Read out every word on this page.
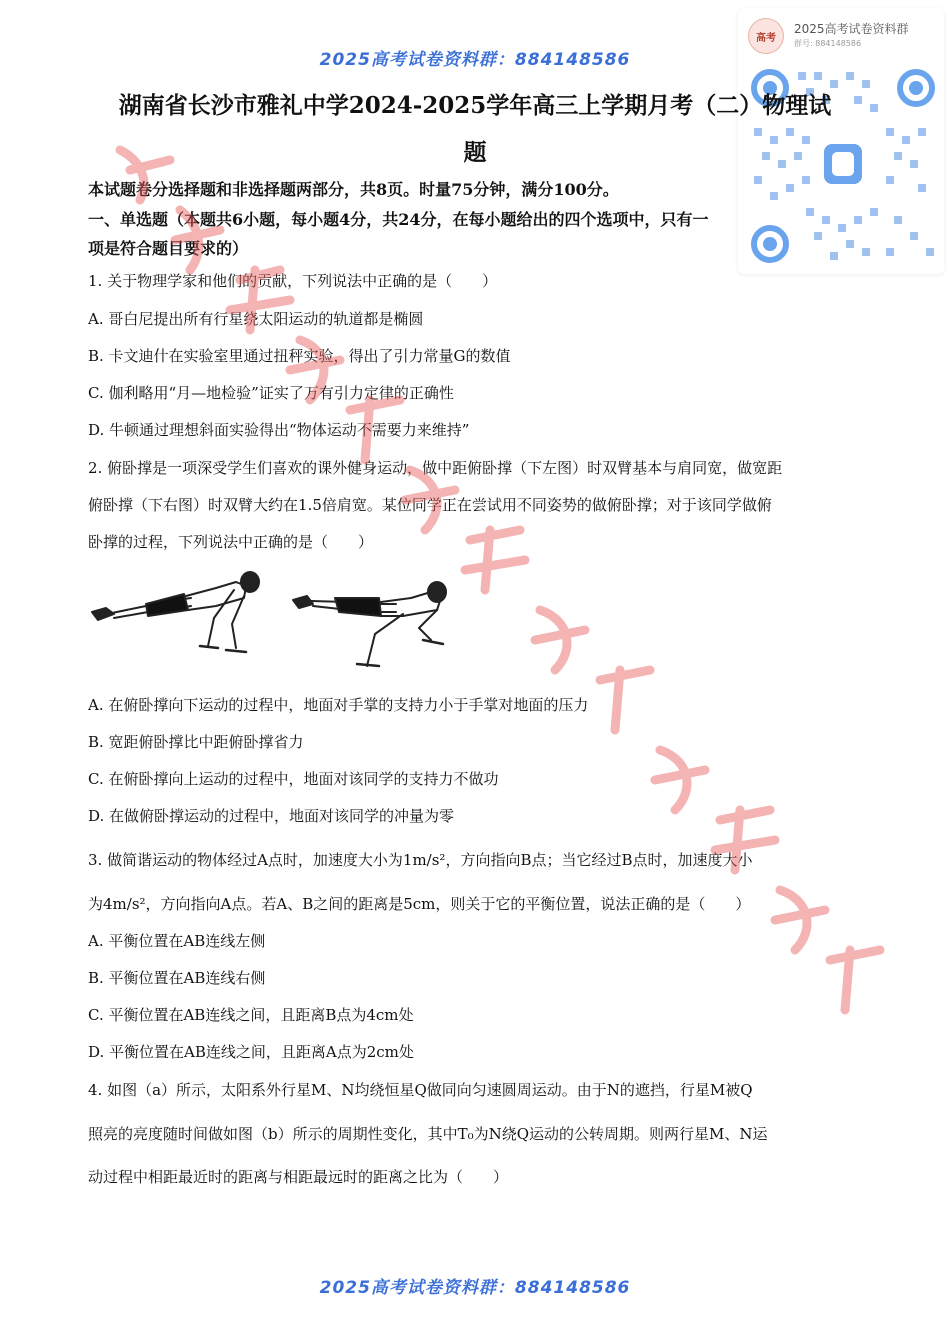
2025高考试卷资料群：884148586
高考
2025高考试卷资料群
群号: 884148586
湖南省长沙市雅礼中学2024-2025学年高三上学期月考（二）物理试
题
本试题卷分选择题和非选择题两部分，共8页。时量75分钟，满分100分。
一、单选题（本题共6小题，每小题4分，共24分，在每小题给出的四个选项中，只有一
项是符合题目要求的）
1. 关于物理学家和他们的贡献，下列说法中正确的是（　　）
A. 哥白尼提出所有行星绕太阳运动的轨道都是椭圆
B. 卡文迪什在实验室里通过扭秤实验，得出了引力常量G的数值
C. 伽利略用“月—地检验”证实了万有引力定律的正确性
D. 牛顿通过理想斜面实验得出“物体运动不需要力来维持”
2. 俯卧撑是一项深受学生们喜欢的课外健身运动，做中距俯卧撑（下左图）时双臂基本与肩同宽，做宽距
俯卧撑（下右图）时双臂大约在1.5倍肩宽。某位同学正在尝试用不同姿势的做俯卧撑；对于该同学做俯
卧撑的过程，下列说法中正确的是（　　）
A. 在俯卧撑向下运动的过程中，地面对手掌的支持力小于手掌对地面的压力
B. 宽距俯卧撑比中距俯卧撑省力
C. 在俯卧撑向上运动的过程中，地面对该同学的支持力不做功
D. 在做俯卧撑运动的过程中，地面对该同学的冲量为零
3. 做简谐运动的物体经过A点时，加速度大小为1m/s²，方向指向B点；当它经过B点时，加速度大小
为4m/s²，方向指向A点。若A、B之间的距离是5cm，则关于它的平衡位置，说法正确的是（　　）
A. 平衡位置在AB连线左侧
B. 平衡位置在AB连线右侧
C. 平衡位置在AB连线之间，且距离B点为4cm处
D. 平衡位置在AB连线之间，且距离A点为2cm处
4. 如图（a）所示，太阳系外行星M、N均绕恒星Q做同向匀速圆周运动。由于N的遮挡，行星M被Q
照亮的亮度随时间做如图（b）所示的周期性变化，其中T₀为N绕Q运动的公转周期。则两行星M、N运
动过程中相距最近时的距离与相距最远时的距离之比为（　　）
2025高考试卷资料群：884148586
